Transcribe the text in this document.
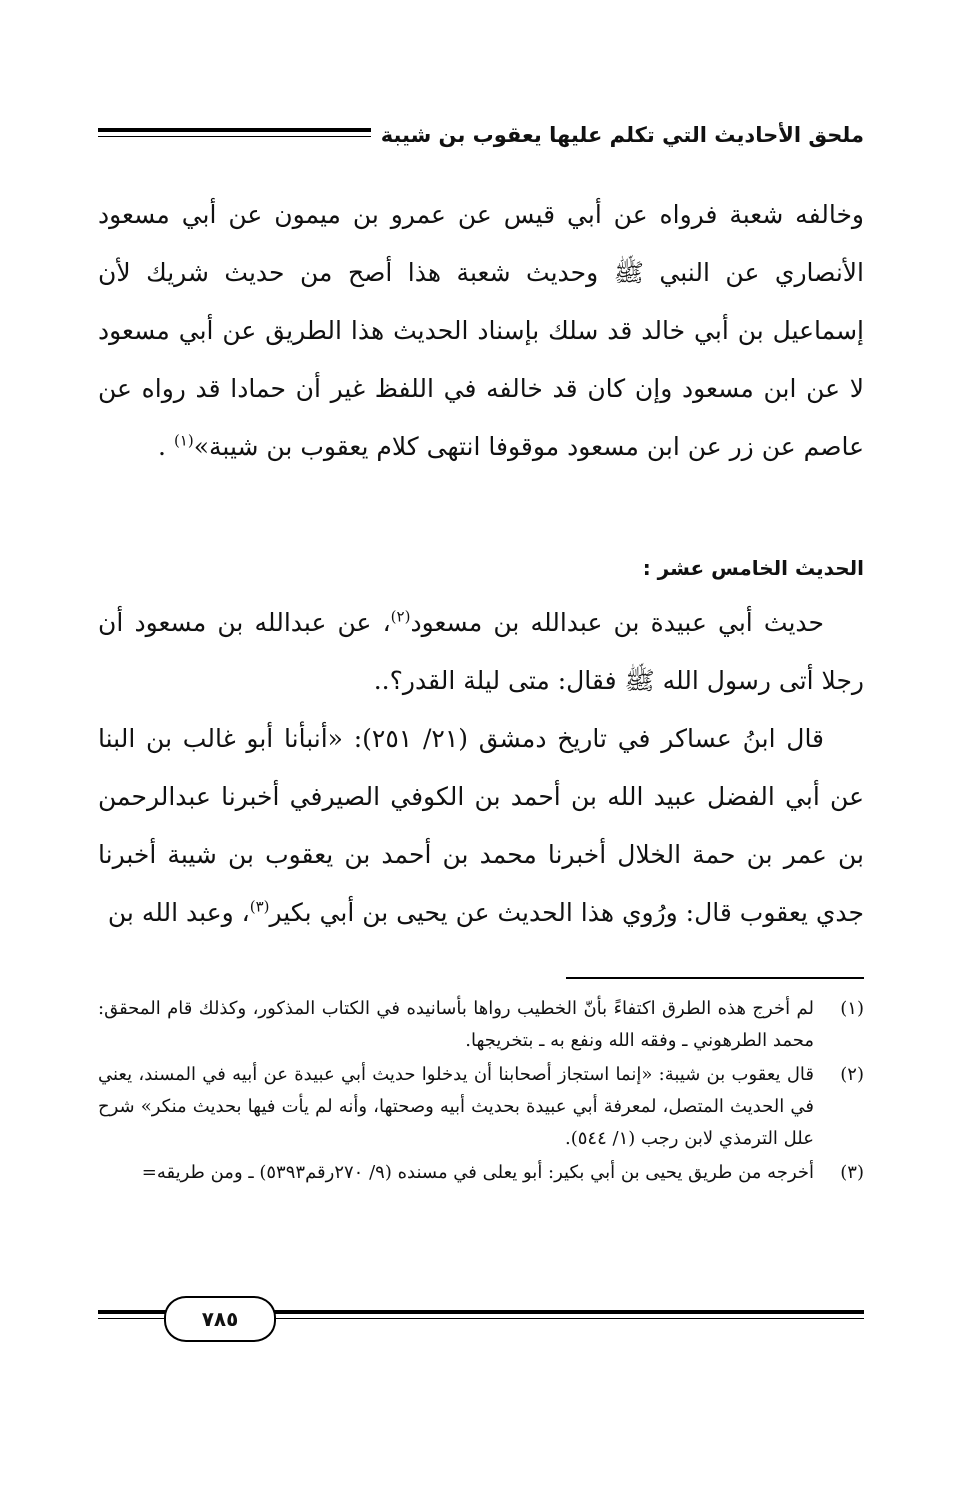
ملحق الأحاديث التي تكلم عليها يعقوب بن شيبة

وخالفه شعبة فرواه عن أبي قيس عن عمرو بن ميمون عن أبي مسعود الأنصاري عن النبي ﷺ وحديث شعبة هذا أصح من حديث شريك لأن إسماعيل بن أبي خالد قد سلك بإسناد الحديث هذا الطريق عن أبي مسعود لا عن ابن مسعود وإن كان قد خالفه في اللفظ غير أن حمادا قد رواه عن عاصم عن زر عن ابن مسعود موقوفا انتهى كلام يعقوب بن شيبة»$^{(١)}$ .

الحديث الخامس عشر :

حديث أبي عبيدة بن عبدالله بن مسعود$^{(٢)}$، عن عبدالله بن مسعود أن رجلا أتى رسول الله ﷺ فقال: متى ليلة القدر؟..

قال ابنُ عساكر في تاريخ دمشق (٢١/ ٢٥١): «أنبأنا أبو غالب بن البنا عن أبي الفضل عبيد الله بن أحمد بن الكوفي الصيرفي أخبرنا عبدالرحمن بن عمر بن حمة الخلال أخبرنا محمد بن أحمد بن يعقوب بن شيبة أخبرنا جدي يعقوب قال: ورُوي هذا الحديث عن يحيى بن أبي بكير$^{(٣)}$، وعبد الله بن

(١)
لم أخرج هذه الطرق اكتفاءً بأنّ الخطيب رواها بأسانيده في الكتاب المذكور، وكذلك قام المحقق: محمد الطرهوني ـ وفقه الله ونفع به ـ بتخريجها.
(٢)
قال يعقوب بن شيبة: «إنما استجاز أصحابنا أن يدخلوا حديث أبي عبيدة عن أبيه في المسند، يعني في الحديث المتصل، لمعرفة أبي عبيدة بحديث أبيه وصحتها، وأنه لم يأت فيها بحديث منكر» شرح علل الترمذي لابن رجب (١/ ٥٤٤).
(٣)
أخرجه من طريق يحيى بن أبي بكير: أبو يعلى في مسنده (٩/ ٢٧٠رقم٥٣٩٣) ـ ومن طريقه=
٧٨٥
